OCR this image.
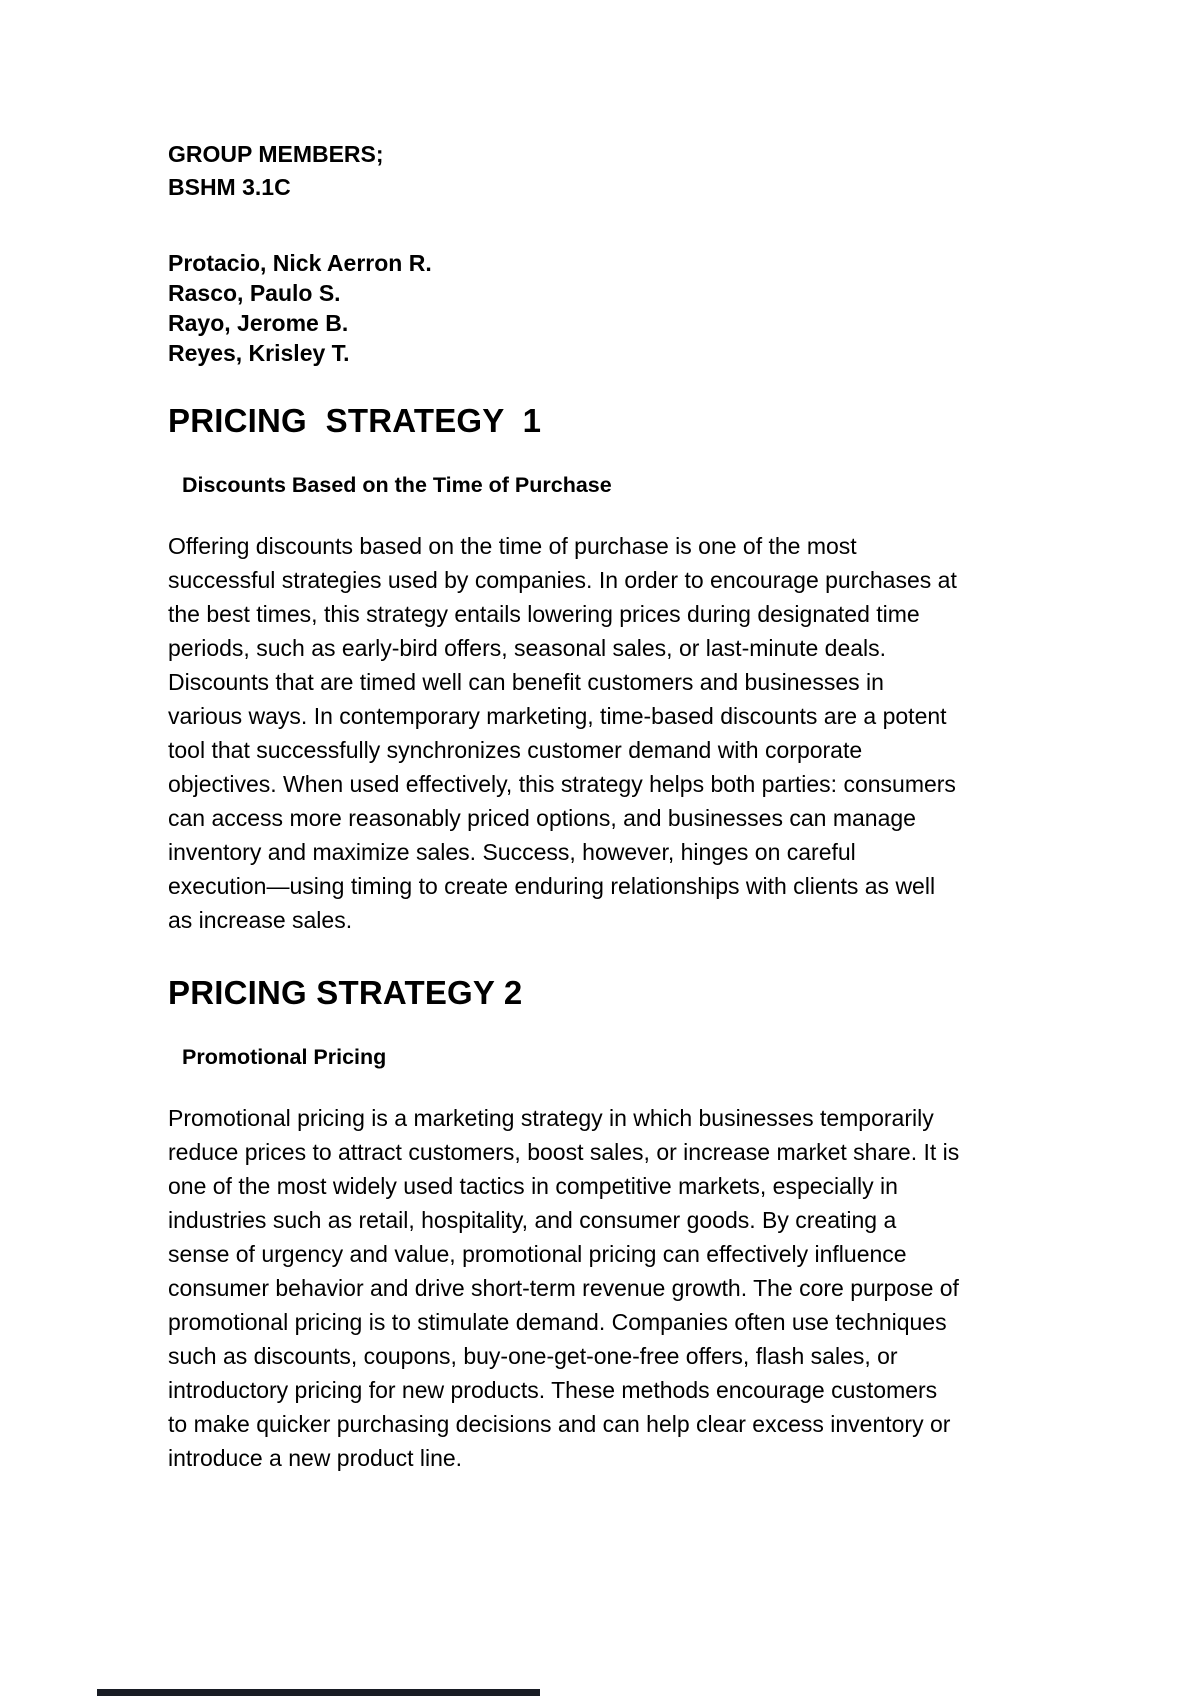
GROUP MEMBERS;
BSHM 3.1C
Protacio, Nick Aerron R.
Rasco, Paulo S.
Rayo, Jerome B.
Reyes, Krisley T.
PRICING  STRATEGY  1
Discounts Based on the Time of Purchase
Offering discounts based on the time of purchase is one of the most successful strategies used by companies. In order to encourage purchases at the best times, this strategy entails lowering prices during designated time periods, such as early-bird offers, seasonal sales, or last-minute deals. Discounts that are timed well can benefit customers and businesses in various ways. In contemporary marketing, time-based discounts are a potent tool that successfully synchronizes customer demand with corporate objectives. When used effectively, this strategy helps both parties: consumers can access more reasonably priced options, and businesses can manage inventory and maximize sales. Success, however, hinges on careful execution—using timing to create enduring relationships with clients as well as increase sales.
PRICING STRATEGY 2
Promotional Pricing
Promotional pricing is a marketing strategy in which businesses temporarily reduce prices to attract customers, boost sales, or increase market share. It is one of the most widely used tactics in competitive markets, especially in industries such as retail, hospitality, and consumer goods. By creating a sense of urgency and value, promotional pricing can effectively influence consumer behavior and drive short-term revenue growth. The core purpose of promotional pricing is to stimulate demand. Companies often use techniques such as discounts, coupons, buy-one-get-one-free offers, flash sales, or introductory pricing for new products. These methods encourage customers to make quicker purchasing decisions and can help clear excess inventory or introduce a new product line.
